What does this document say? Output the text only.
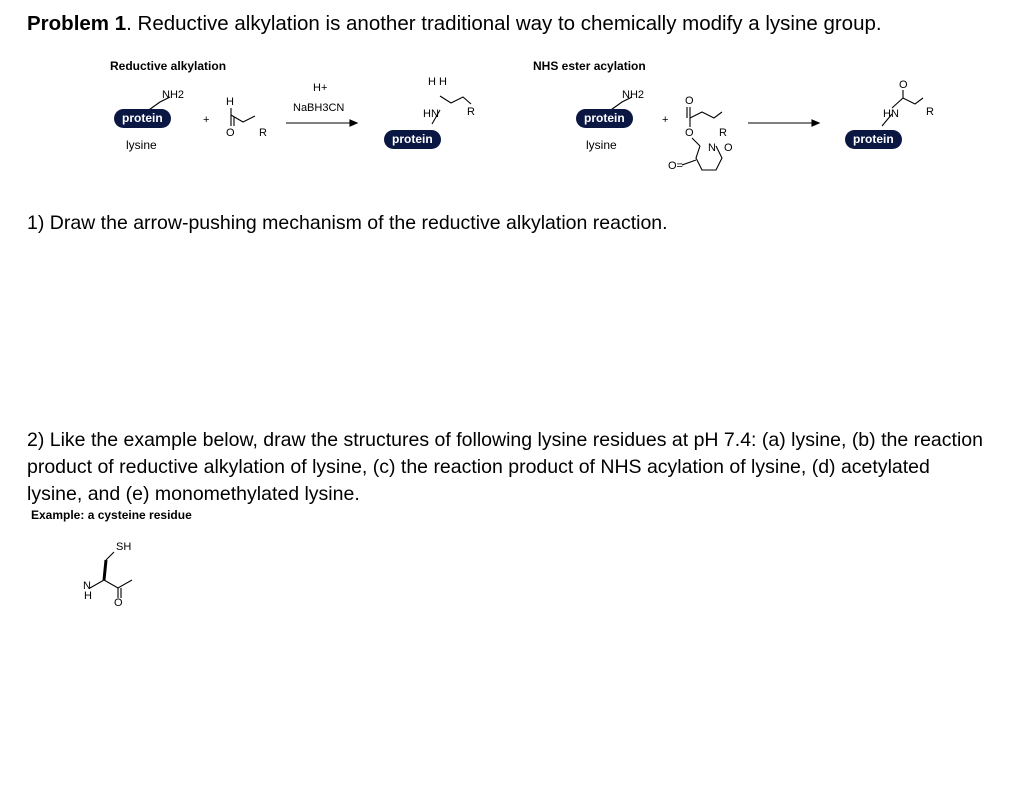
Problem 1. Reductive alkylation is another traditional way to chemically modify a lysine group.
Reductive alkylation
NH2
protein
lysine
+
H
O R
H+
NaBH3CN
H H
HN	R
protein
NHS ester acylation
NH2
protein
lysine
+
O
O R
N O
O=
O
HN R
protein
1) Draw the arrow-pushing mechanism of the reductive alkylation reaction.
2) Like the example below, draw the structures of following lysine residues at pH 7.4: (a) lysine, (b) the reaction product of reductive alkylation of lysine, (c) the reaction product of NHS acylation of lysine, (d) acetylated lysine, and (e) monomethylated lysine.
Example: a cysteine residue
SH
N
H
O
